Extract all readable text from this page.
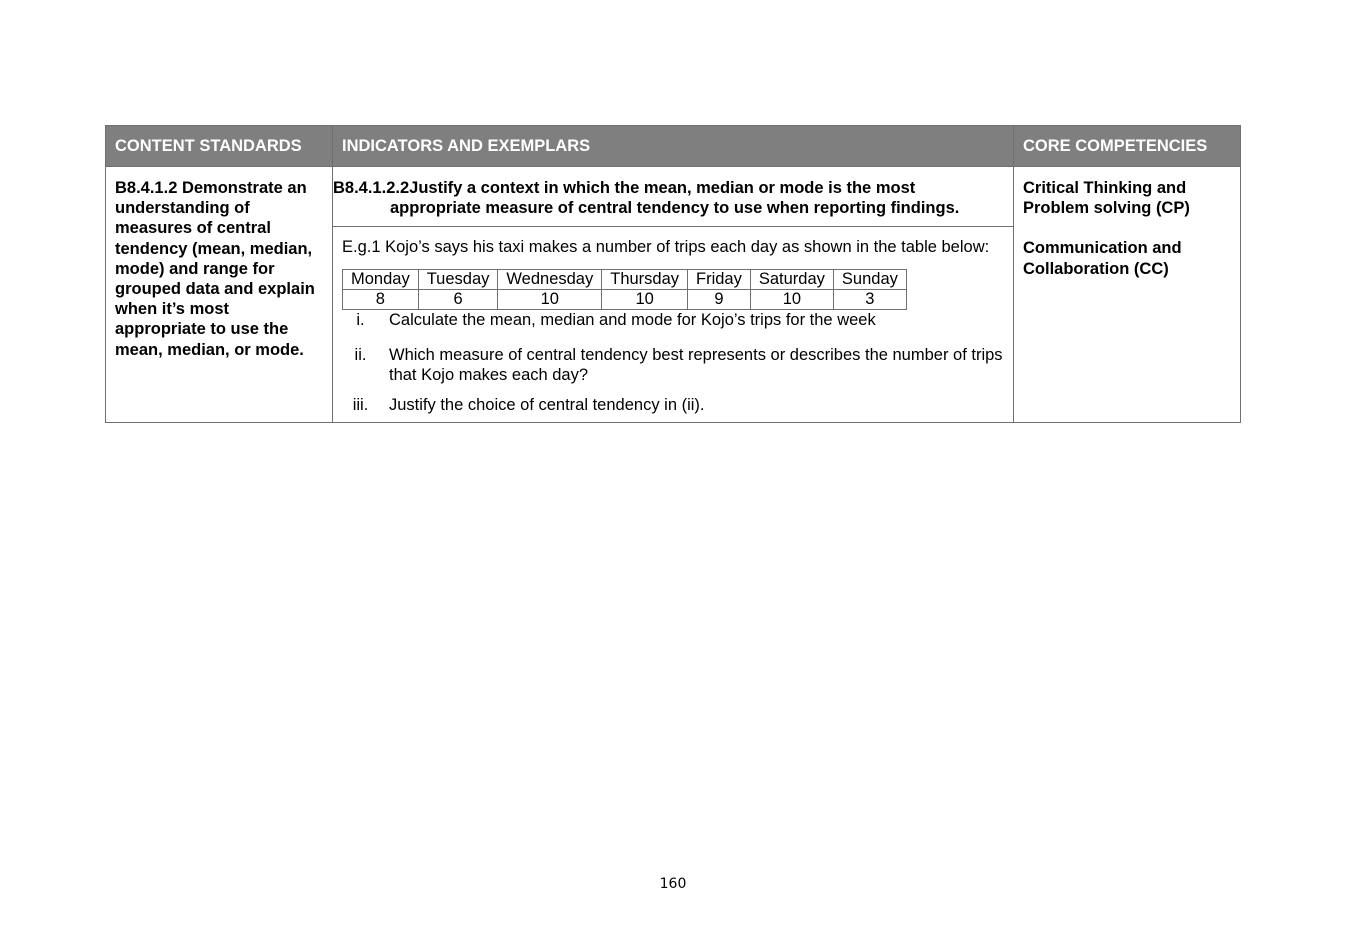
CONTENT STANDARDS	INDICATORS AND EXEMPLARS	CORE COMPETENCIES

B8.4.1.2 Demonstrate an understanding of measures of central tendency (mean, median, mode) and range for grouped data and explain when it’s most appropriate to use the mean, median, or mode.

B8.4.1.2.2Justify a context in which the mean, median or mode is the most appropriate measure of central tendency to use when reporting findings.
E.g.1 Kojo’s says his taxi makes a number of trips each day as shown in the table below:
Monday	Tuesday	Wednesday	Thursday	Friday	Saturday	Sunday
8	6	10	10	9	10	3
i.	Calculate the mean, median and mode for Kojo’s trips for the week
ii.	Which measure of central tendency best represents or describes the number of trips that Kojo makes each day?
iii.	Justify the choice of central tendency in (ii).

Critical Thinking and Problem solving (CP)
Communication and Collaboration (CC)
160
